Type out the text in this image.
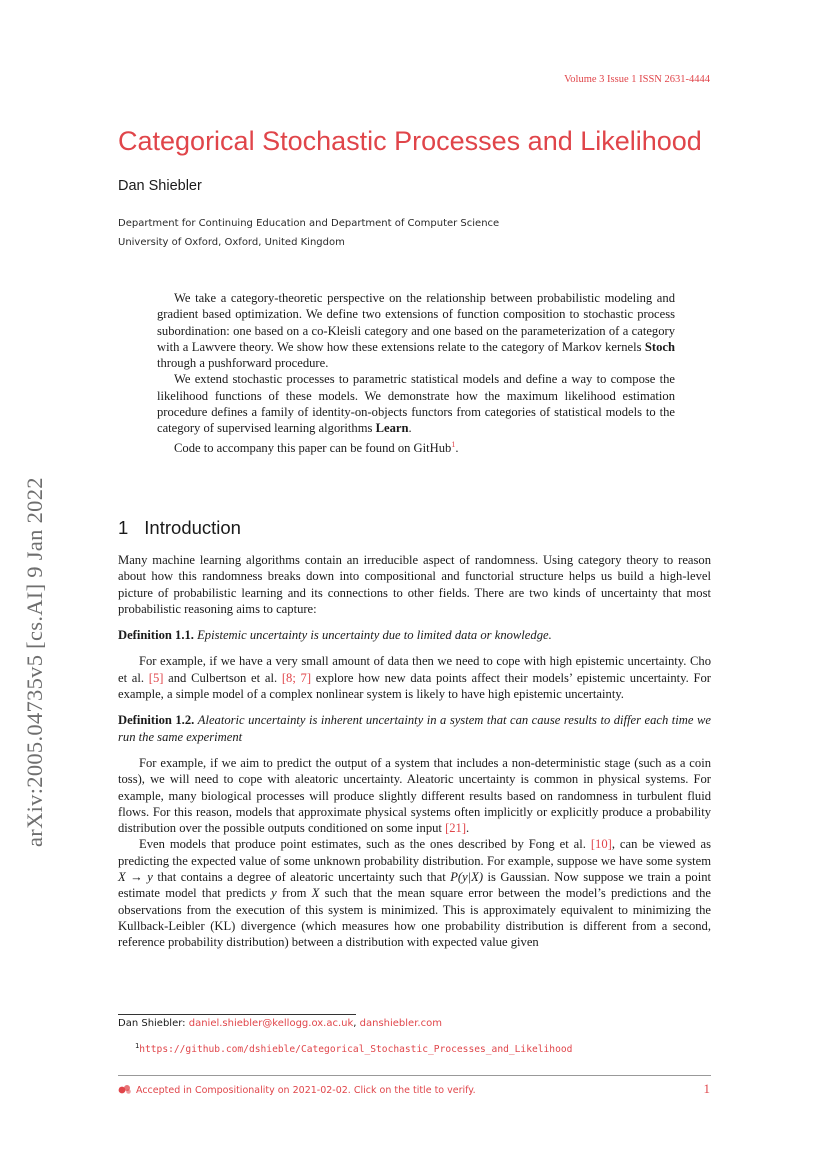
Volume 3 Issue 1 ISSN 2631-4444
Categorical Stochastic Processes and Likelihood
Dan Shiebler
Department for Continuing Education and Department of Computer Science
University of Oxford, Oxford, United Kingdom
arXiv:2005.04735v5 [cs.AI] 9 Jan 2022

We take a category-theoretic perspective on the relationship between probabilistic modeling and gradient based optimization. We define two extensions of function composition to stochastic process subordination: one based on a co-Kleisli category and one based on the parameterization of a category with a Lawvere theory. We show how these extensions relate to the category of Markov kernels Stoch through a pushforward procedure.

We extend stochastic processes to parametric statistical models and define a way to compose the likelihood functions of these models. We demonstrate how the maximum likelihood estimation procedure defines a family of identity-on-objects functors from categories of statistical models to the category of supervised learning algorithms Learn.

Code to accompany this paper can be found on GitHub$^1$.

1 Introduction

Many machine learning algorithms contain an irreducible aspect of randomness. Using category theory to reason about how this randomness breaks down into compositional and functorial structure helps us build a high-level picture of probabilistic learning and its connections to other fields. There are two kinds of uncertainty that most probabilistic reasoning aims to capture:

Definition 1.1. Epistemic uncertainty is uncertainty due to limited data or knowledge.

For example, if we have a very small amount of data then we need to cope with high epistemic uncertainty. Cho et al. [5] and Culbertson et al. [8; 7] explore how new data points affect their models’ epistemic uncertainty. For example, a simple model of a complex nonlinear system is likely to have high epistemic uncertainty.

Definition 1.2. Aleatoric uncertainty is inherent uncertainty in a system that can cause results to differ each time we run the same experiment

For example, if we aim to predict the output of a system that includes a non-deterministic stage (such as a coin toss), we will need to cope with aleatoric uncertainty. Aleatoric uncertainty is common in physical systems. For example, many biological processes will produce slightly different results based on randomness in turbulent fluid flows. For this reason, models that approximate physical systems often implicitly or explicitly produce a probability distribution over the possible outputs conditioned on some input [21].

Even models that produce point estimates, such as the ones described by Fong et al. [10], can be viewed as predicting the expected value of some unknown probability distribution. For example, suppose we have some system X → y that contains a degree of aleatoric uncertainty such that P(y|X) is Gaussian. Now suppose we train a point estimate model that predicts y from X such that the mean square error between the model’s predictions and the observations from the execution of this system is minimized. This is approximately equivalent to minimizing the Kullback-Leibler (KL) divergence (which measures how one probability distribution is different from a second, reference probability distribution) between a distribution with expected value given

Dan Shiebler: daniel.shiebler@kellogg.ox.ac.uk, danshiebler.com
$^1$https://github.com/dshieble/Categorical_Stochastic_Processes_and_Likelihood
Accepted in Compositionality on 2021-02-02. Click on the title to verify.	1
